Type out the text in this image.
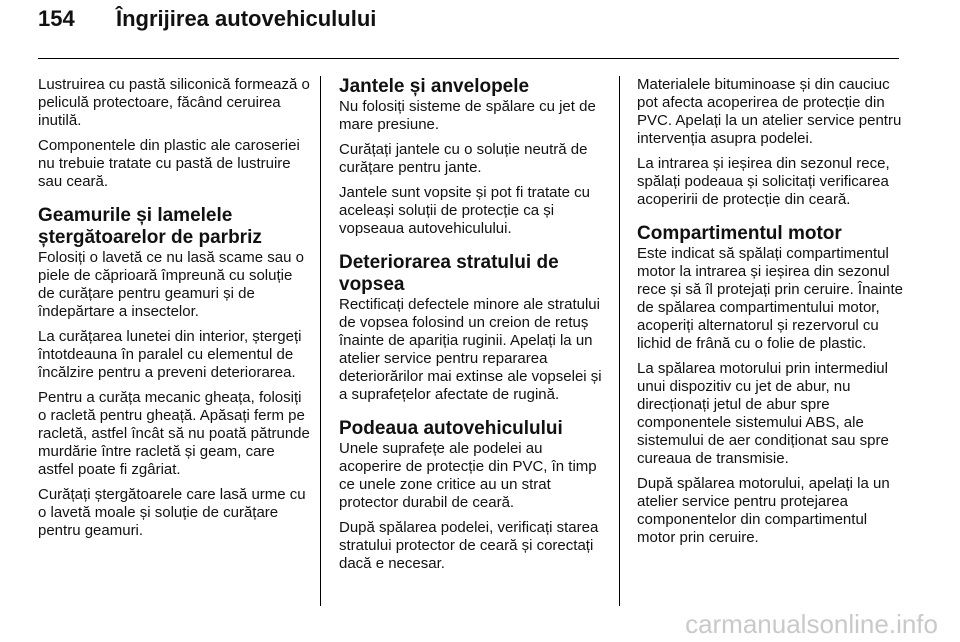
154 Îngrijirea autovehiculului

Lustruirea cu pastă siliconică formează o peliculă protectoare, făcând ceruirea inutilă.

Componentele din plastic ale caroseriei nu trebuie tratate cu pastă de lustruire sau ceară.

Geamurile și lamelele ștergătoarelor de parbriz

Folosiți o lavetă ce nu lasă scame sau o piele de căprioară împreună cu soluție de curățare pentru geamuri și de îndepărtare a insectelor.

La curățarea lunetei din interior, ștergeți întotdeauna în paralel cu elementul de încălzire pentru a preveni deteriorarea.

Pentru a curăța mecanic gheața, folosiți o racletă pentru gheață. Apăsați ferm pe racletă, astfel încât să nu poată pătrunde murdărie între racletă și geam, care astfel poate fi zgâriat.

Curățați ștergătoarele care lasă urme cu o lavetă moale și soluție de curățare pentru geamuri.

Jantele și anvelopele

Nu folosiți sisteme de spălare cu jet de mare presiune.

Curățați jantele cu o soluție neutră de curățare pentru jante.

Jantele sunt vopsite și pot fi tratate cu aceleași soluții de protecție ca și vopseaua autovehiculului.

Deteriorarea stratului de vopsea

Rectificați defectele minore ale stratului de vopsea folosind un creion de retuș înainte de apariția ruginii. Apelați la un atelier service pentru repararea deteriorărilor mai extinse ale vopselei și a suprafețelor afectate de rugină.

Podeaua autovehiculului

Unele suprafețe ale podelei au acoperire de protecție din PVC, în timp ce unele zone critice au un strat protector durabil de ceară.

După spălarea podelei, verificați starea stratului protector de ceară și corectați dacă e necesar.

Materialele bituminoase și din cauciuc pot afecta acoperirea de protecție din PVC. Apelați la un atelier service pentru intervenția asupra podelei.

La intrarea și ieșirea din sezonul rece, spălați podeaua și solicitați verificarea acoperirii de protecție din ceară.

Compartimentul motor

Este indicat să spălați compartimentul motor la intrarea și ieșirea din sezonul rece și să îl protejați prin ceruire. Înainte de spălarea compartimentului motor, acoperiți alternatorul și rezervorul cu lichid de frână cu o folie de plastic.

La spălarea motorului prin intermediul unui dispozitiv cu jet de abur, nu direcționați jetul de abur spre componentele sistemului ABS, ale sistemului de aer condiționat sau spre cureaua de transmisie.

După spălarea motorului, apelați la un atelier service pentru protejarea componentelor din compartimentul motor prin ceruire.

carmanualsonline.info
